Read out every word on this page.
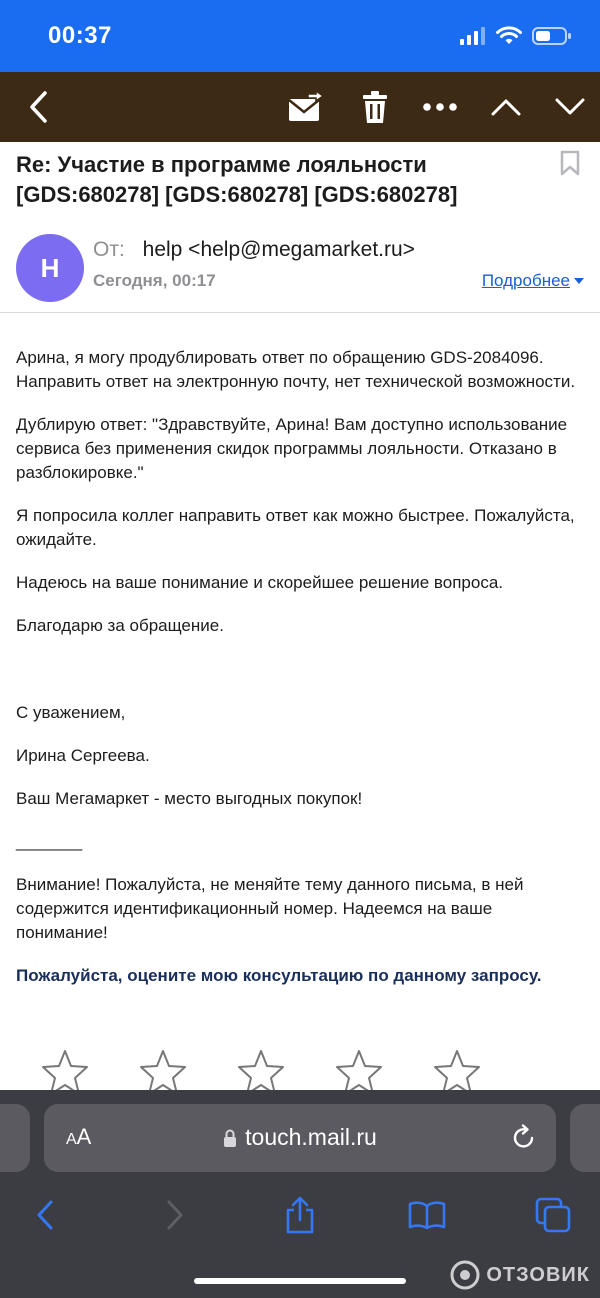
00:37
Re: Участие в программе лояльности [GDS:680278] [GDS:680278] [GDS:680278]
H
От: help <help@megamarket.ru>
Сегодня, 00:17	Подробнее

Арина, я могу продублировать ответ по обращению GDS-2084096. Направить ответ на электронную почту, нет технической возможности.

Дублирую ответ: "Здравствуйте, Арина! Вам доступно использование сервиса без применения скидок программы лояльности. Отказано в разблокировке."

Я попросила коллег направить ответ как можно быстрее. Пожалуйста, ожидайте.

Надеюсь на ваше понимание и скорейшее решение вопроса.

Благодарю за обращение.

С уважением,

Ирина Сергеева.

Ваш Мегамаркет - место выгодных покупок!

_______

Внимание! Пожалуйста, не меняйте тему данного письма, в ней содержится идентификационный номер. Надеемся на ваше понимание!

Пожалуйста, оцените мою консультацию по данному запросу.

AA	touch.mail.ru
ОТЗОВИК
